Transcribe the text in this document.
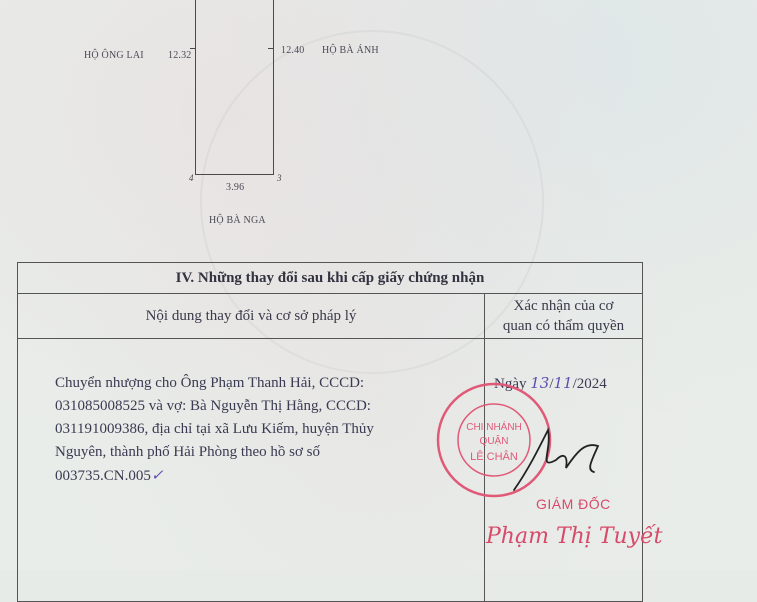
HỘ ÔNG LAI 12.32	12.40 HỘ BÀ ÁNH
4	3
3.96
HỘ BÀ NGA
IV. Những thay đổi sau khi cấp giấy chứng nhận	
Nội dung thay đổi và cơ sở pháp lý	Xác nhận của cơ
quan có thẩm quyền

Chuyển nhượng cho Ông Phạm Thanh Hải, CCCD:
031085008525 và vợ: Bà Nguyễn Thị Hằng, CCCD:
031191009386, địa chỉ tại xã Lưu Kiếm, huyện Thủy
Nguyên, thành phố Hải Phòng theo hồ sơ số
003735.CN.005✓	Ngày 13/11/2024
CHI NHÁNH
QUẬN
LÊ CHÂN
GIÁM ĐỐC
Phạm Thị Tuyết
